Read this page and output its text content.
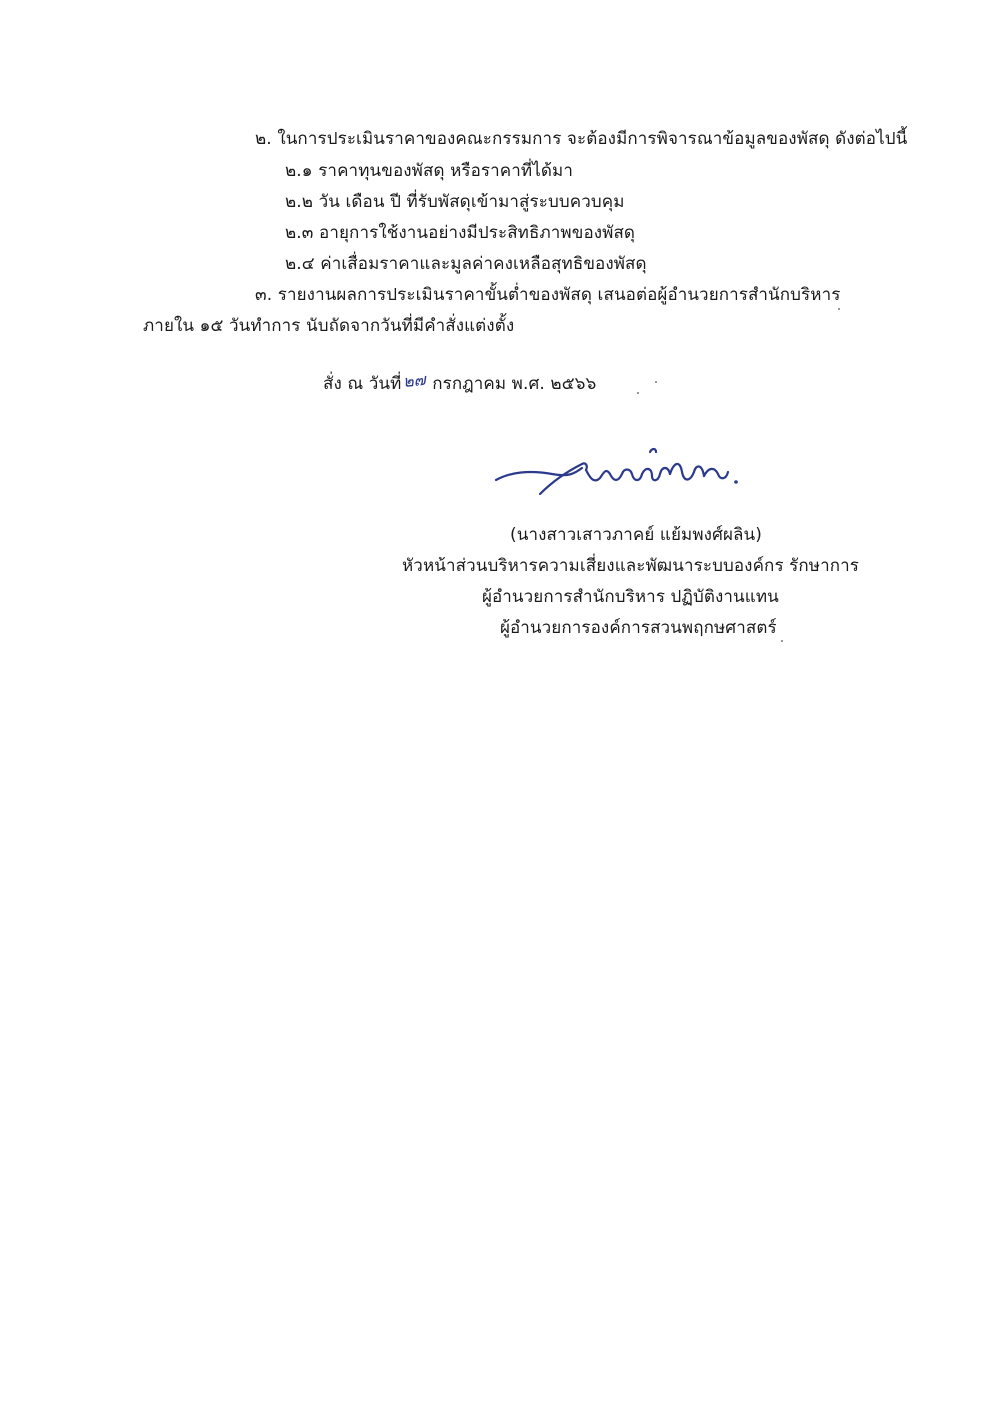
๒. ในการประเมินราคาของคณะกรรมการ จะต้องมีการพิจารณาข้อมูลของพัสดุ ดังต่อไปนี้
๒.๑ ราคาทุนของพัสดุ หรือราคาที่ได้มา
๒.๒ วัน เดือน ปี ที่รับพัสดุเข้ามาสู่ระบบควบคุม
๒.๓ อายุการใช้งานอย่างมีประสิทธิภาพของพัสดุ
๒.๔ ค่าเสื่อมราคาและมูลค่าคงเหลือสุทธิของพัสดุ
๓. รายงานผลการประเมินราคาขั้นต่ำของพัสดุ เสนอต่อผู้อำนวยการสำนักบริหาร
ภายใน ๑๕ วันทำการ นับถัดจากวันที่มีคำสั่งแต่งตั้ง
สั่ง ณ วันที่๒๗ กรกฎาคม พ.ศ. ๒๕๖๖
(นางสาวเสาวภาคย์ แย้มพงศ์ผลิน)
หัวหน้าส่วนบริหารความเสี่ยงและพัฒนาระบบองค์กร รักษาการ
ผู้อำนวยการสำนักบริหาร ปฏิบัติงานแทน
ผู้อำนวยการองค์การสวนพฤกษศาสตร์
